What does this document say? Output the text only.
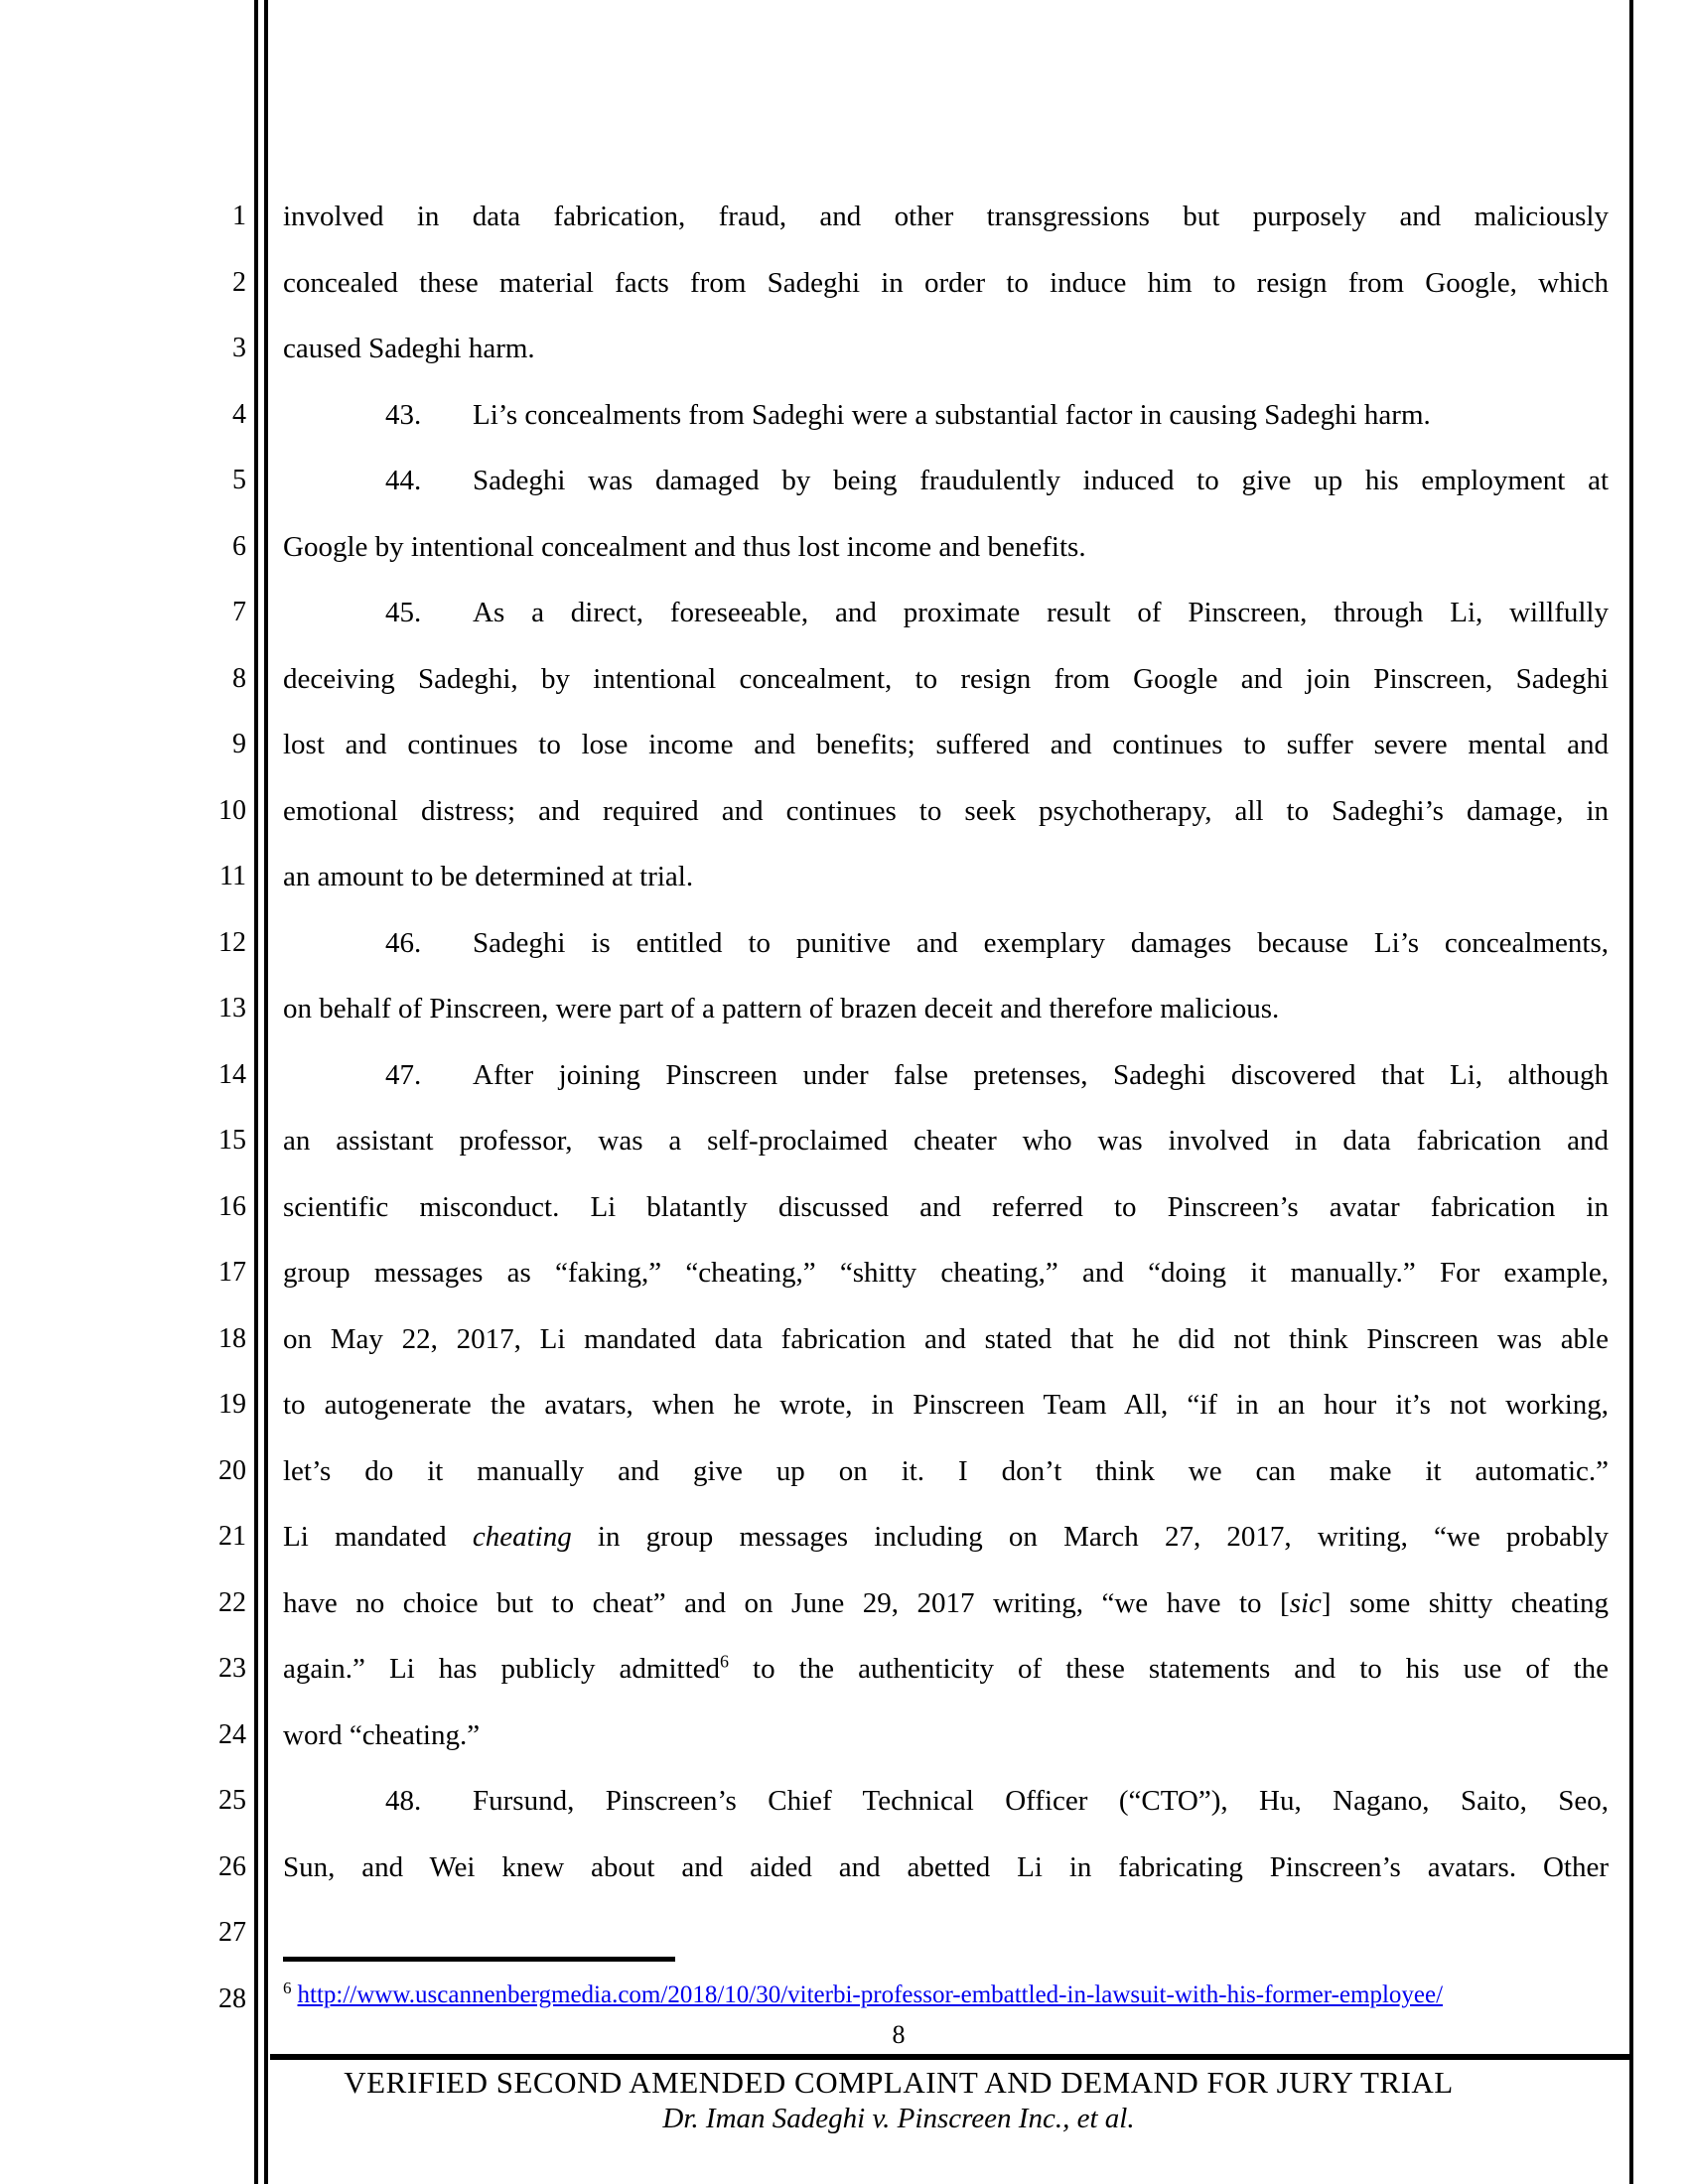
1
2
3
4
5
6
7
8
9
10
11
12
13
14
15
16
17
18
19
20
21
22
23
24
25
26
27
28
involved in data fabrication, fraud, and other transgressions but purposely and maliciously
concealed these material facts from Sadeghi in order to induce him to resign from Google, which
caused Sadeghi harm.
43. Li’s concealments from Sadeghi were a substantial factor in causing Sadeghi harm.
44. Sadeghi was damaged by being fraudulently induced to give up his employment at
Google by intentional concealment and thus lost income and benefits.
45. As a direct, foreseeable, and proximate result of Pinscreen, through Li, willfully
deceiving Sadeghi, by intentional concealment, to resign from Google and join Pinscreen, Sadeghi
lost and continues to lose income and benefits; suffered and continues to suffer severe mental and
emotional distress; and required and continues to seek psychotherapy, all to Sadeghi’s damage, in
an amount to be determined at trial.
46. Sadeghi is entitled to punitive and exemplary damages because Li’s concealments,
on behalf of Pinscreen, were part of a pattern of brazen deceit and therefore malicious.
47. After joining Pinscreen under false pretenses, Sadeghi discovered that Li, although
an assistant professor, was a self-proclaimed cheater who was involved in data fabrication and
scientific misconduct. Li blatantly discussed and referred to Pinscreen’s avatar fabrication in
group messages as “faking,” “cheating,” “shitty cheating,” and “doing it manually.” For example,
on May 22, 2017, Li mandated data fabrication and stated that he did not think Pinscreen was able
to autogenerate the avatars, when he wrote, in Pinscreen Team All, “if in an hour it’s not working,
let’s do it manually and give up on it. I don’t think we can make it automatic.”
Li mandated cheating in group messages including on March 27, 2017, writing, “we probably
have no choice but to cheat” and on June 29, 2017 writing, “we have to [sic] some shitty cheating
again.” Li has publicly admitted$^6$ to the authenticity of these statements and to his use of the
word “cheating.”
48. Fursund, Pinscreen’s Chief Technical Officer (“CTO”), Hu, Nagano, Saito, Seo,
Sun, and Wei knew about and aided and abetted Li in fabricating Pinscreen’s avatars. Other
$^6$ http://www.uscannenbergmedia.com/2018/10/30/viterbi-professor-embattled-in-lawsuit-with-his-former-employee/
8
VERIFIED SECOND AMENDED COMPLAINT AND DEMAND FOR JURY TRIAL
Dr. Iman Sadeghi v. Pinscreen Inc., et al.
